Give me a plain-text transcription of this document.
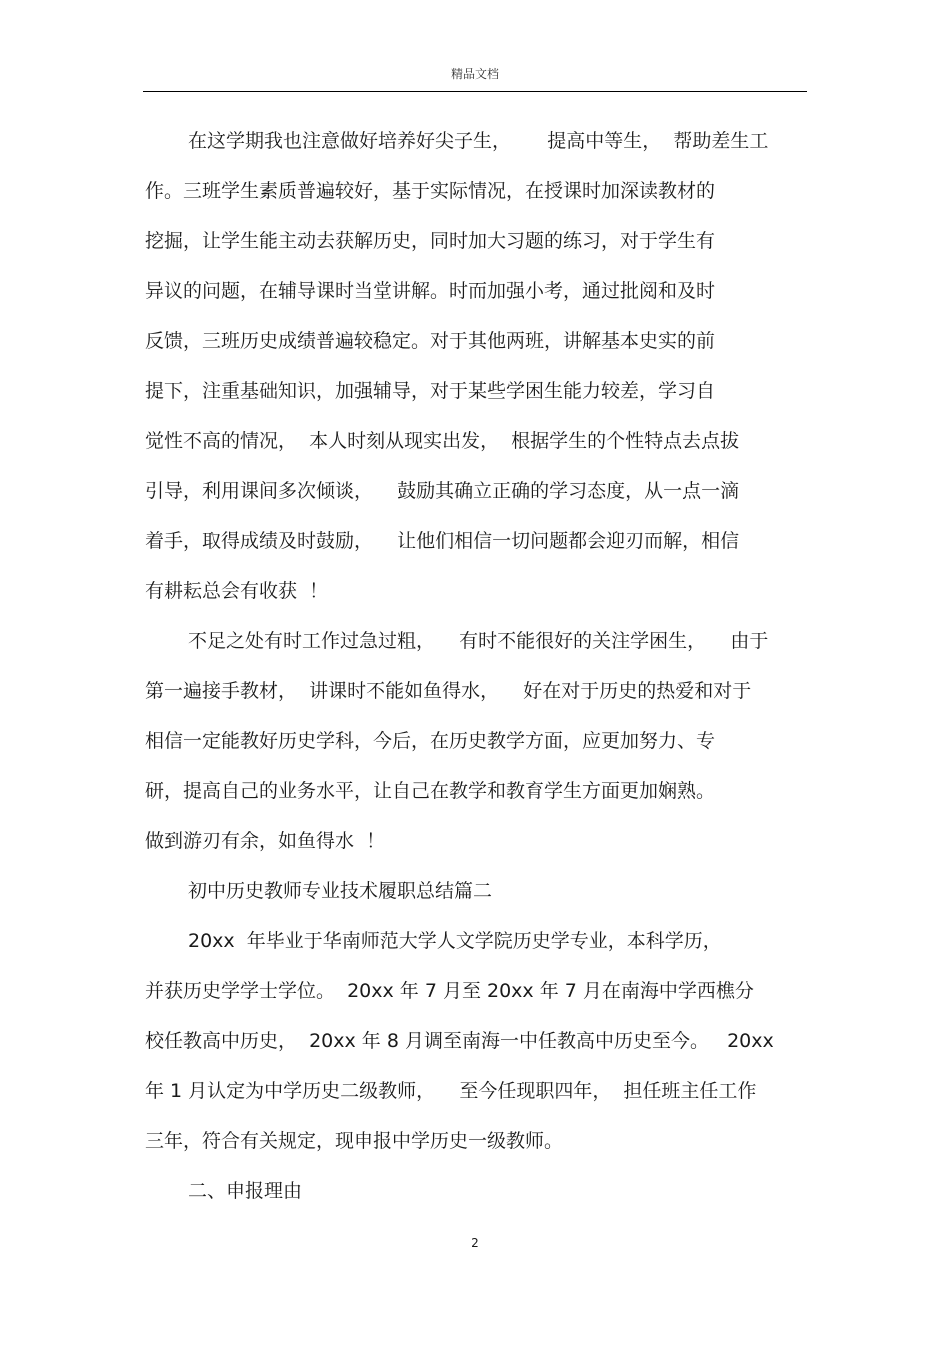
精品文档
在这学期我也注意做好培养好尖子生，      提高中等生，  帮助差生工
作。三班学生素质普遍较好，基于实际情况，在授课时加深读教材的
挖掘，让学生能主动去获解历史，同时加大习题的练习，对于学生有
异议的问题，在辅导课时当堂讲解。时而加强小考，通过批阅和及时
反馈，三班历史成绩普遍较稳定。对于其他两班，讲解基本史实的前
提下，注重基础知识，加强辅导，对于某些学困生能力较差，学习自
觉性不高的情况，  本人时刻从现实出发，  根据学生的个性特点去点拔
引导，利用课间多次倾谈，    鼓励其确立正确的学习态度，从一点一滴
着手，取得成绩及时鼓励，    让他们相信一切问题都会迎刃而解，相信
有耕耘总会有收获  ！
不足之处有时工作过急过粗，    有时不能很好的关注学困生，    由于
第一遍接手教材，  讲课时不能如鱼得水，    好在对于历史的热爱和对于
相信一定能教好历史学科，今后，在历史教学方面，应更加努力、专
研，提高自己的业务水平，让自己在教学和教育学生方面更加娴熟。
做到游刃有余，如鱼得水  ！
初中历史教师专业技术履职总结篇二
20xx  年毕业于华南师范大学人文学院历史学专业，本科学历，
并获历史学学士学位。  20xx 年 7 月至 20xx 年 7 月在南海中学西樵分
校任教高中历史，  20xx 年 8 月调至南海一中任教高中历史至今。   20xx
年 1 月认定为中学历史二级教师，    至今任现职四年，  担任班主任工作
三年，符合有关规定，现申报中学历史一级教师。
二、申报理由
2
